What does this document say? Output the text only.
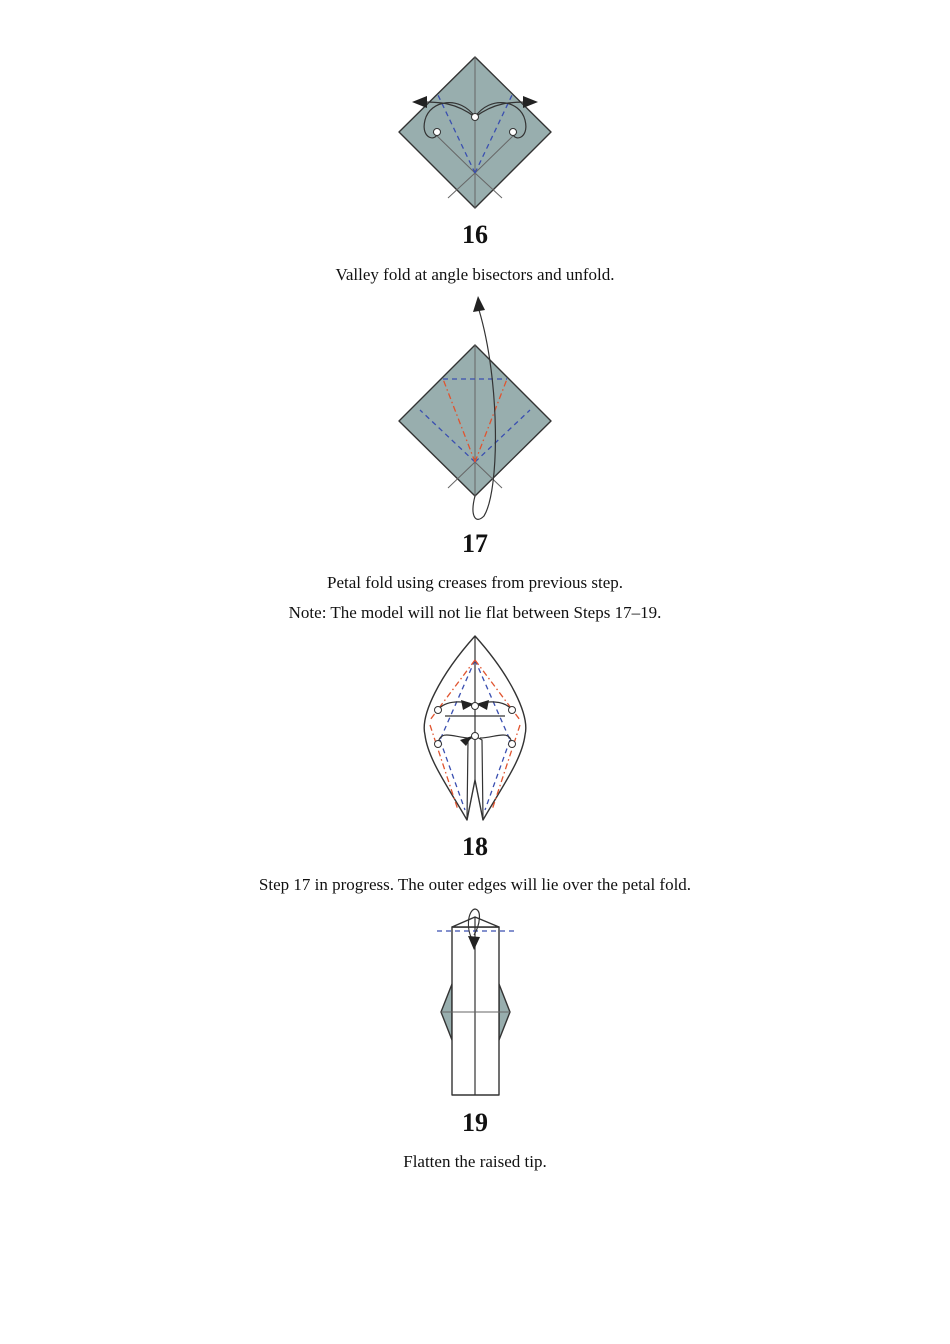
16

Valley fold at angle bisectors and unfold.

17

Petal fold using creases from previous step.

Note: The model will not lie flat between Steps 17–19.

18

Step 17 in progress. The outer edges will lie over the petal fold.

19

Flatten the raised tip.
